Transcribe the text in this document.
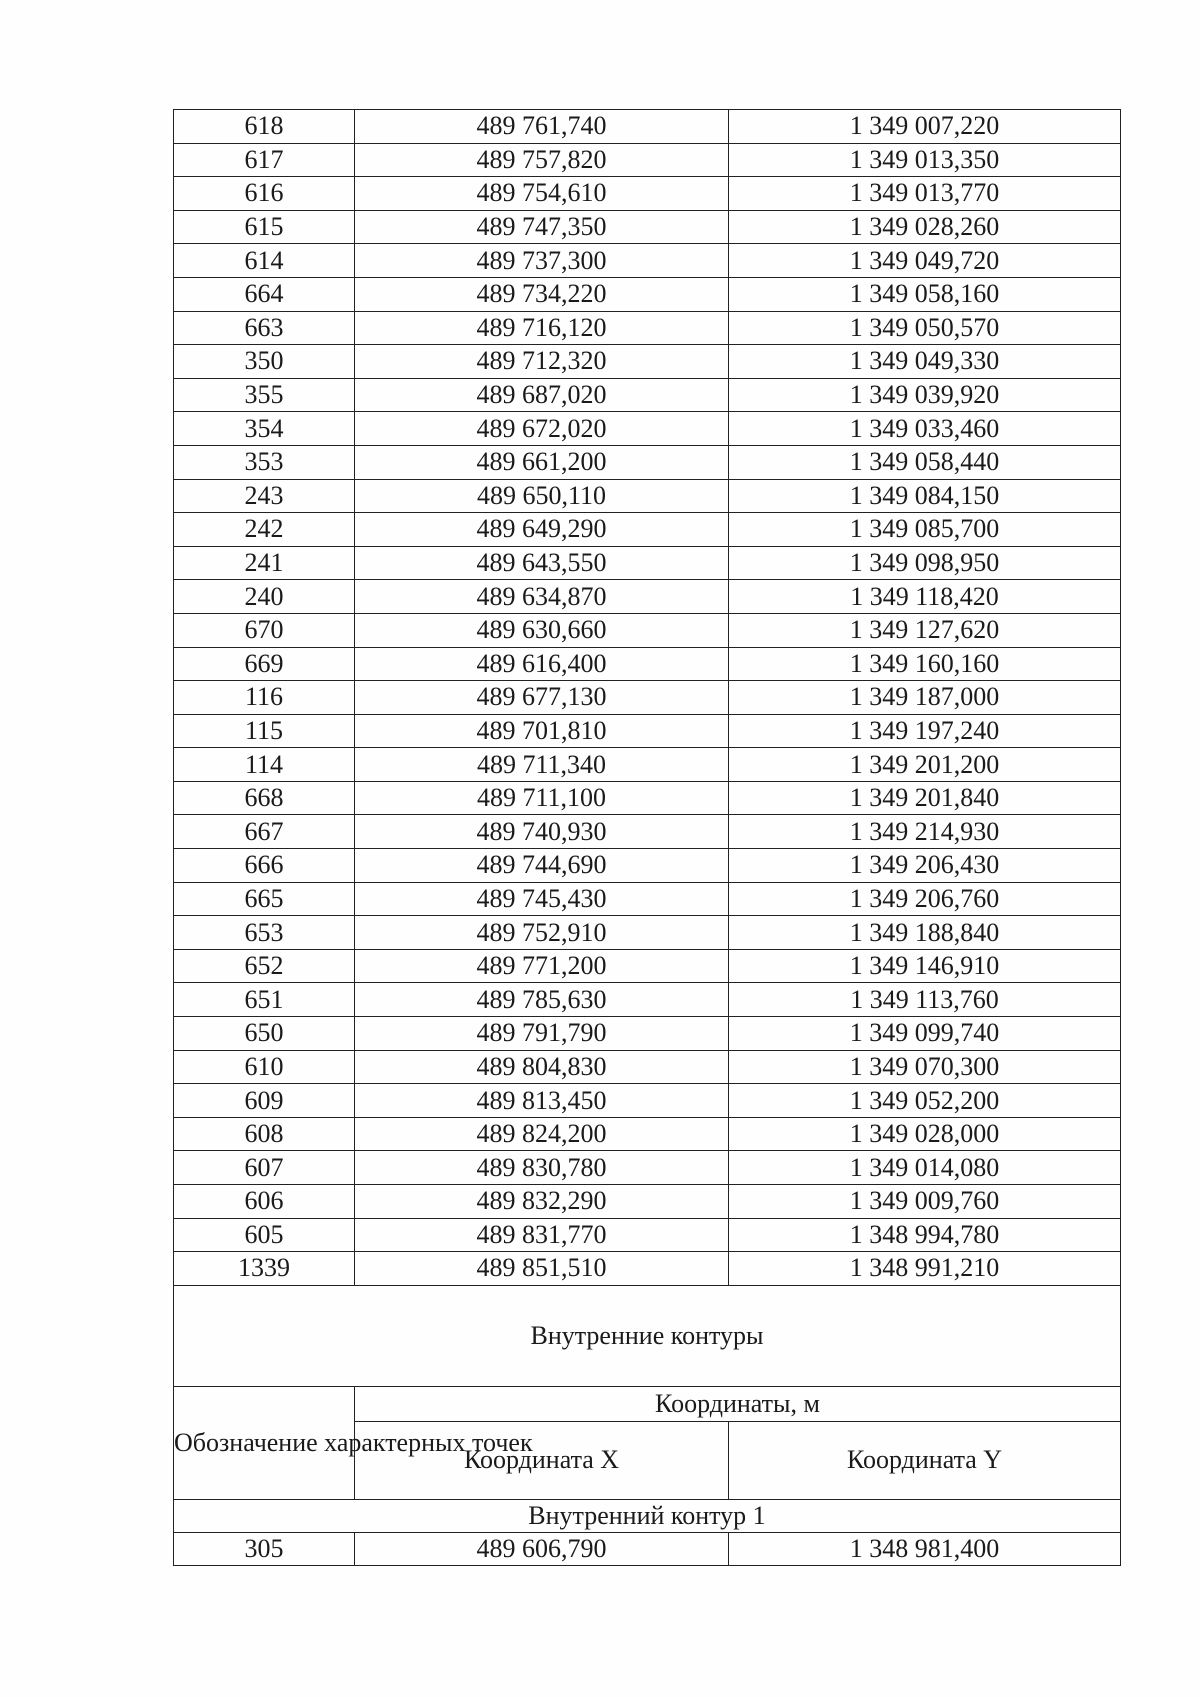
618	489 761,740	1 349 007,220
617	489 757,820	1 349 013,350
616	489 754,610	1 349 013,770
615	489 747,350	1 349 028,260
614	489 737,300	1 349 049,720
664	489 734,220	1 349 058,160
663	489 716,120	1 349 050,570
350	489 712,320	1 349 049,330
355	489 687,020	1 349 039,920
354	489 672,020	1 349 033,460
353	489 661,200	1 349 058,440
243	489 650,110	1 349 084,150
242	489 649,290	1 349 085,700
241	489 643,550	1 349 098,950
240	489 634,870	1 349 118,420
670	489 630,660	1 349 127,620
669	489 616,400	1 349 160,160
116	489 677,130	1 349 187,000
115	489 701,810	1 349 197,240
114	489 711,340	1 349 201,200
668	489 711,100	1 349 201,840
667	489 740,930	1 349 214,930
666	489 744,690	1 349 206,430
665	489 745,430	1 349 206,760
653	489 752,910	1 349 188,840
652	489 771,200	1 349 146,910
651	489 785,630	1 349 113,760
650	489 791,790	1 349 099,740
610	489 804,830	1 349 070,300
609	489 813,450	1 349 052,200
608	489 824,200	1 349 028,000
607	489 830,780	1 349 014,080
606	489 832,290	1 349 009,760
605	489 831,770	1 348 994,780
1339	489 851,510	1 348 991,210
Внутренние контуры		
Обозначение характерных точек	Координаты, м	
	Координата X	Координата Y
Внутренний контур 1		
305	489 606,790	1 348 981,400
